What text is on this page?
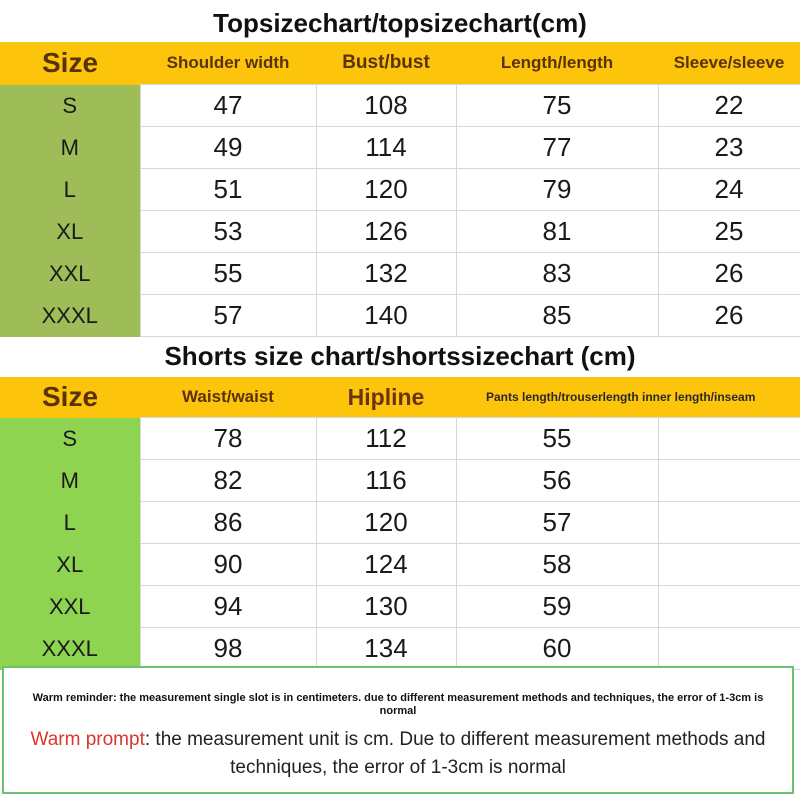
Topsizechart/topsizechart(cm)
Size	Shoulder width	Bust/bust	Length/length	Sleeve/sleeve
S	47	108	75	22
M	49	114	77	23
L	51	120	79	24
XL	53	126	81	25
XXL	55	132	83	26
XXXL	57	140	85	26
Shorts size chart/shortssizechart (cm)
Size	Waist/waist	Hipline	Pants length/trouserlength inner length/inseam	
S	78	112	55	
M	82	116	56	
L	86	120	57	
XL	90	124	58	
XXL	94	130	59	
XXXL	98	134	60	
Warm reminder: the measurement single slot is in centimeters. due to different measurement methods and techniques, the error of 1-3cm is normal
Warm prompt: the measurement unit is cm. Due to different measurement methods and techniques, the error of 1-3cm is normal
